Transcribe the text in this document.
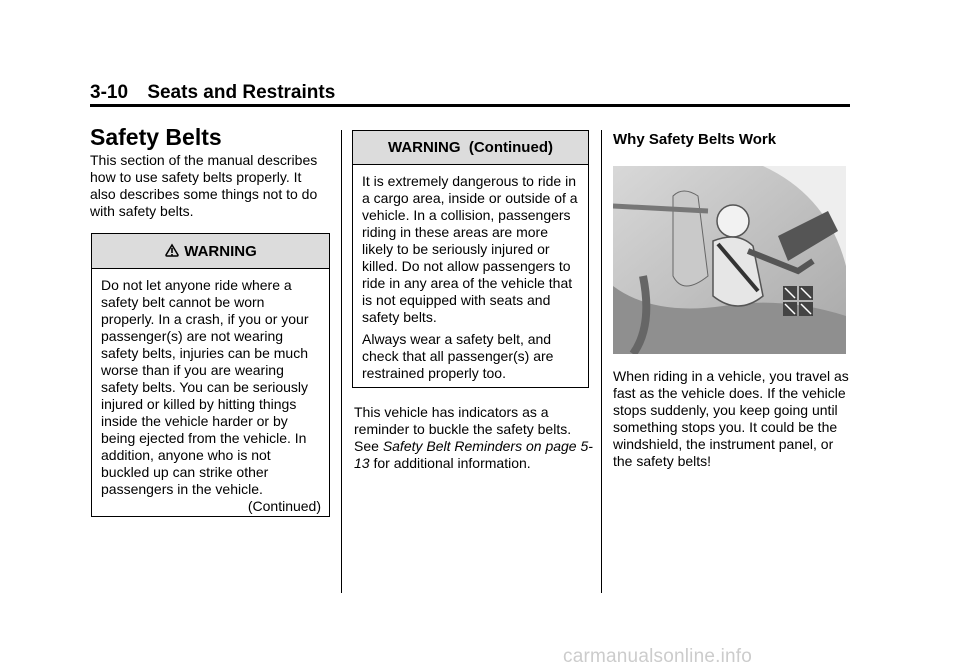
3-10 Seats and Restraints
Safety Belts

This section of the manual describes how to use safety belts properly. It also describes some things not to do with safety belts.

WARNING

Do not let anyone ride where a safety belt cannot be worn properly. In a crash, if you or your passenger(s) are not wearing safety belts, injuries can be much worse than if you are wearing safety belts. You can be seriously injured or killed by hitting things inside the vehicle harder or by being ejected from the vehicle. In addition, anyone who is not buckled up can strike other passengers in the vehicle.

(Continued)

WARNING  (Continued)

It is extremely dangerous to ride in a cargo area, inside or outside of a vehicle. In a collision, passengers riding in these areas are more likely to be seriously injured or killed. Do not allow passengers to ride in any area of the vehicle that is not equipped with seats and safety belts.

Always wear a safety belt, and check that all passenger(s) are restrained properly too.

This vehicle has indicators as a reminder to buckle the safety belts. See Safety Belt Reminders on page 5-13 for additional information.

Why Safety Belts Work

When riding in a vehicle, you travel as fast as the vehicle does. If the vehicle stops suddenly, you keep going until something stops you. It could be the windshield, the instrument panel, or the safety belts!

carmanualsonline.info
